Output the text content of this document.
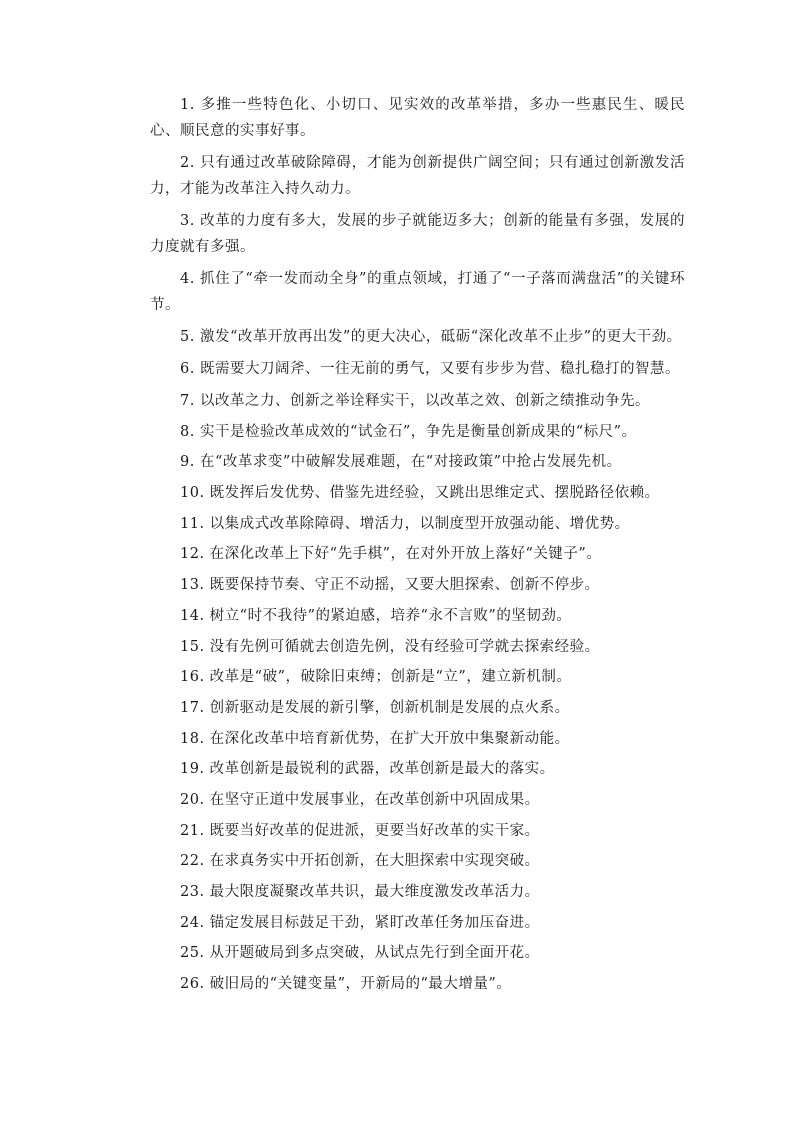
1. 多推一些特色化、小切口、见实效的改革举措，多办一些惠民生、暖民心、顺民意的实事好事。

2. 只有通过改革破除障碍，才能为创新提供广阔空间；只有通过创新激发活力，才能为改革注入持久动力。

3. 改革的力度有多大，发展的步子就能迈多大；创新的能量有多强，发展的力度就有多强。

4. 抓住了“牵一发而动全身”的重点领域，打通了“一子落而满盘活”的关键环节。

5. 激发“改革开放再出发”的更大决心，砥砺“深化改革不止步”的更大干劲。

6. 既需要大刀阔斧、一往无前的勇气，又要有步步为营、稳扎稳打的智慧。

7. 以改革之力、创新之举诠释实干，以改革之效、创新之绩推动争先。

8. 实干是检验改革成效的“试金石”，争先是衡量创新成果的“标尺”。

9. 在“改革求变”中破解发展难题，在“对接政策”中抢占发展先机。

10. 既发挥后发优势、借鉴先进经验，又跳出思维定式、摆脱路径依赖。

11. 以集成式改革除障碍、增活力，以制度型开放强动能、增优势。

12. 在深化改革上下好“先手棋”，在对外开放上落好“关键子”。

13. 既要保持节奏、守正不动摇，又要大胆探索、创新不停步。

14. 树立“时不我待”的紧迫感，培养“永不言败”的坚韧劲。

15. 没有先例可循就去创造先例，没有经验可学就去探索经验。

16. 改革是“破”，破除旧束缚；创新是“立”，建立新机制。

17. 创新驱动是发展的新引擎，创新机制是发展的点火系。

18. 在深化改革中培育新优势，在扩大开放中集聚新动能。

19. 改革创新是最锐利的武器，改革创新是最大的落实。

20. 在坚守正道中发展事业，在改革创新中巩固成果。

21. 既要当好改革的促进派，更要当好改革的实干家。

22. 在求真务实中开拓创新，在大胆探索中实现突破。

23. 最大限度凝聚改革共识，最大维度激发改革活力。

24. 锚定发展目标鼓足干劲，紧盯改革任务加压奋进。

25. 从开题破局到多点突破，从试点先行到全面开花。

26. 破旧局的“关键变量”，开新局的“最大增量”。
